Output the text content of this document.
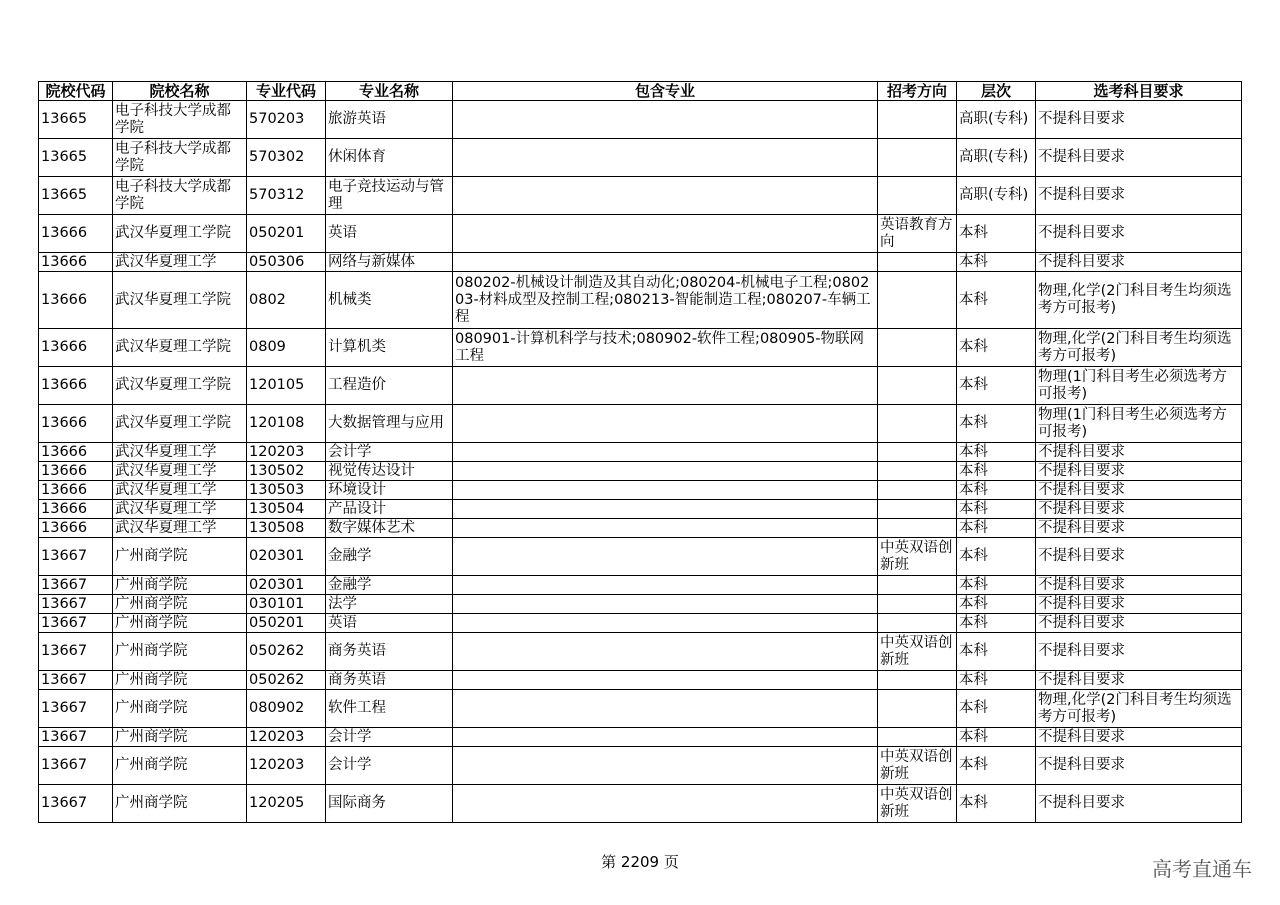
院校代码	院校名称	专业代码	专业名称	包含专业	招考方向	层次	选考科目要求
13665	电子科技大学成都学院	570203	旅游英语			高职(专科)	不提科目要求
13665	电子科技大学成都学院	570302	休闲体育			高职(专科)	不提科目要求
13665	电子科技大学成都学院	570312	电子竞技运动与管理			高职(专科)	不提科目要求
13666	武汉华夏理工学院	050201	英语		英语教育方向	本科	不提科目要求
13666	武汉华夏理工学	050306	网络与新媒体			本科	不提科目要求
13666	武汉华夏理工学院	0802	机械类	080202-机械设计制造及其自动化;080204-机械电子工程;080203-材料成型及控制工程;080213-智能制造工程;080207-车辆工程		本科	物理,化学(2门科目考生均须选考方可报考)
13666	武汉华夏理工学院	0809	计算机类	080901-计算机科学与技术;080902-软件工程;080905-物联网工程		本科	物理,化学(2门科目考生均须选考方可报考)
13666	武汉华夏理工学院	120105	工程造价			本科	物理(1门科目考生必须选考方可报考)
13666	武汉华夏理工学院	120108	大数据管理与应用			本科	物理(1门科目考生必须选考方可报考)
13666	武汉华夏理工学	120203	会计学			本科	不提科目要求
13666	武汉华夏理工学	130502	视觉传达设计			本科	不提科目要求
13666	武汉华夏理工学	130503	环境设计			本科	不提科目要求
13666	武汉华夏理工学	130504	产品设计			本科	不提科目要求
13666	武汉华夏理工学	130508	数字媒体艺术			本科	不提科目要求
13667	广州商学院	020301	金融学		中英双语创新班	本科	不提科目要求
13667	广州商学院	020301	金融学			本科	不提科目要求
13667	广州商学院	030101	法学			本科	不提科目要求
13667	广州商学院	050201	英语			本科	不提科目要求
13667	广州商学院	050262	商务英语		中英双语创新班	本科	不提科目要求
13667	广州商学院	050262	商务英语			本科	不提科目要求
13667	广州商学院	080902	软件工程			本科	物理,化学(2门科目考生均须选考方可报考)
13667	广州商学院	120203	会计学			本科	不提科目要求
13667	广州商学院	120203	会计学		中英双语创新班	本科	不提科目要求
13667	广州商学院	120205	国际商务		中英双语创新班	本科	不提科目要求
第 2209 页	高考直通车
